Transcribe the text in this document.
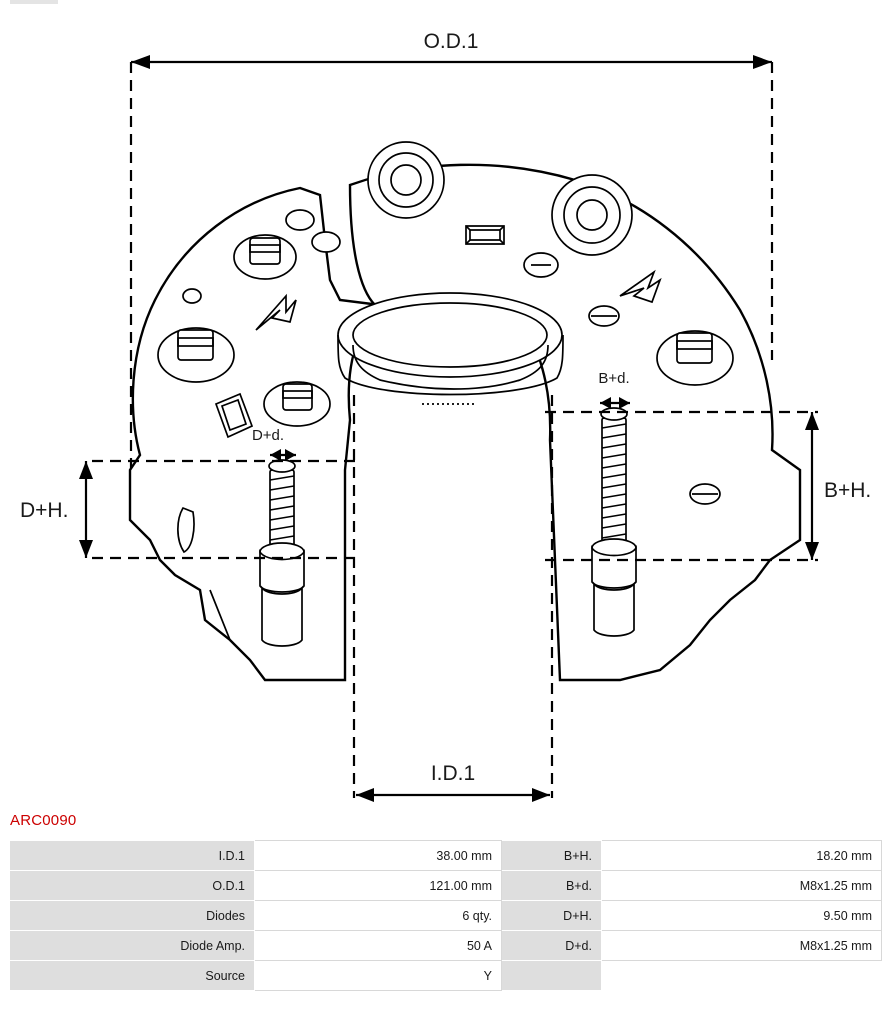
D+H.
D+d.
B+H.
B+d.
I.D.1
O.D.1
ARC0090
I.D.1	38.00 mm	B+H.	18.20 mm
O.D.1	121.00 mm	B+d.	M8x1.25 mm
Diodes	6 qty.	D+H.	9.50 mm
Diode Amp.	50 A	D+d.	M8x1.25 mm
Source	Y		
